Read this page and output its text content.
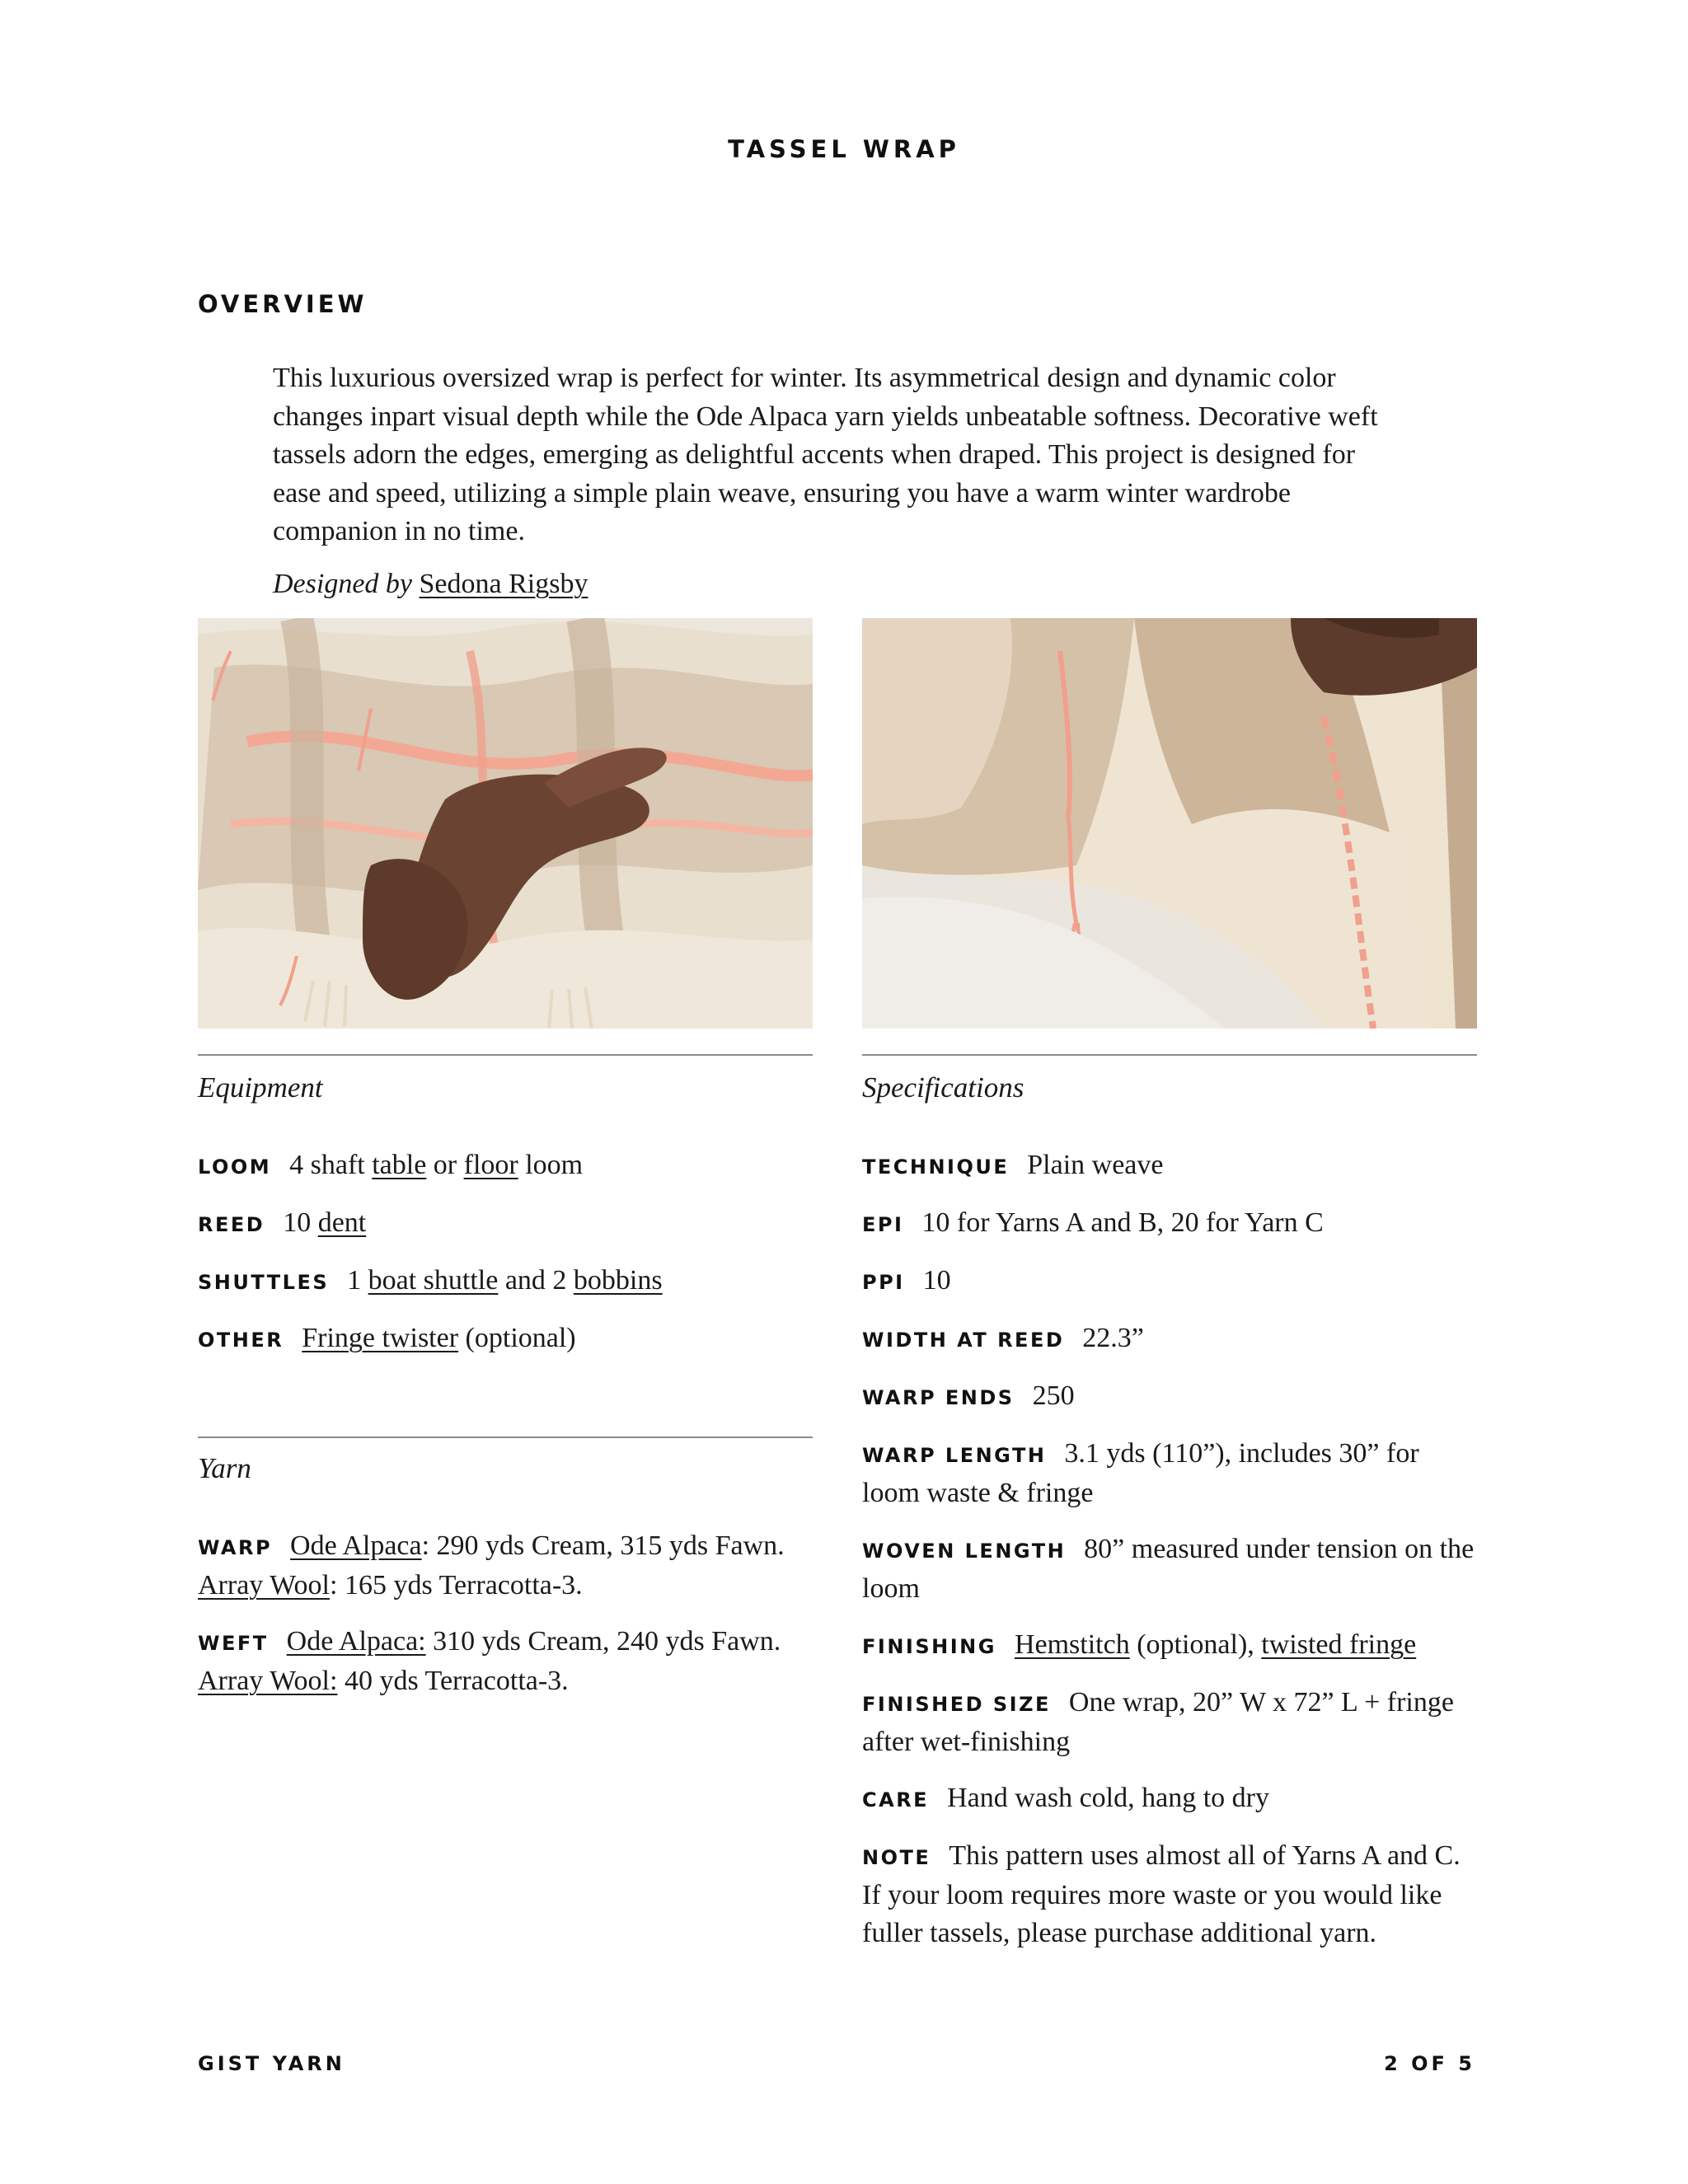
TASSEL WRAP
OVERVIEW

This luxurious oversized wrap is perfect for winter. Its asymmetrical design and dynamic color changes inpart visual depth while the Ode Alpaca yarn yields unbeatable softness. Decorative weft tassels adorn the edges, emerging as delightful accents when draped. This project is designed for ease and speed, utilizing a simple plain weave, ensuring you have a warm winter wardrobe companion in no time.

Designed by Sedona Rigsby
Equipment

LOOM 4 shaft table or floor loom

REED 10 dent

SHUTTLES 1 boat shuttle and 2 bobbins

OTHER Fringe twister (optional)

Yarn

WARP Ode Alpaca: 290 yds Cream, 315 yds Fawn. Array Wool: 165 yds Terracotta-3.

WEFT Ode Alpaca: 310 yds Cream, 240 yds Fawn. Array Wool: 40 yds Terracotta-3.

Specifications

TECHNIQUE Plain weave

EPI 10 for Yarns A and B, 20 for Yarn C

PPI 10

WIDTH AT REED 22.3”

WARP ENDS 250

WARP LENGTH 3.1 yds (110”), includes 30” for loom waste & fringe

WOVEN LENGTH 80” measured under tension on the loom

FINISHING Hemstitch (optional), twisted fringe

FINISHED SIZE One wrap, 20” W x 72” L + fringe after wet-finishing

CARE Hand wash cold, hang to dry

NOTE This pattern uses almost all of Yarns A and C. If your loom requires more waste or you would like fuller tassels, please purchase additional yarn.

GIST YARN	2 OF 5
